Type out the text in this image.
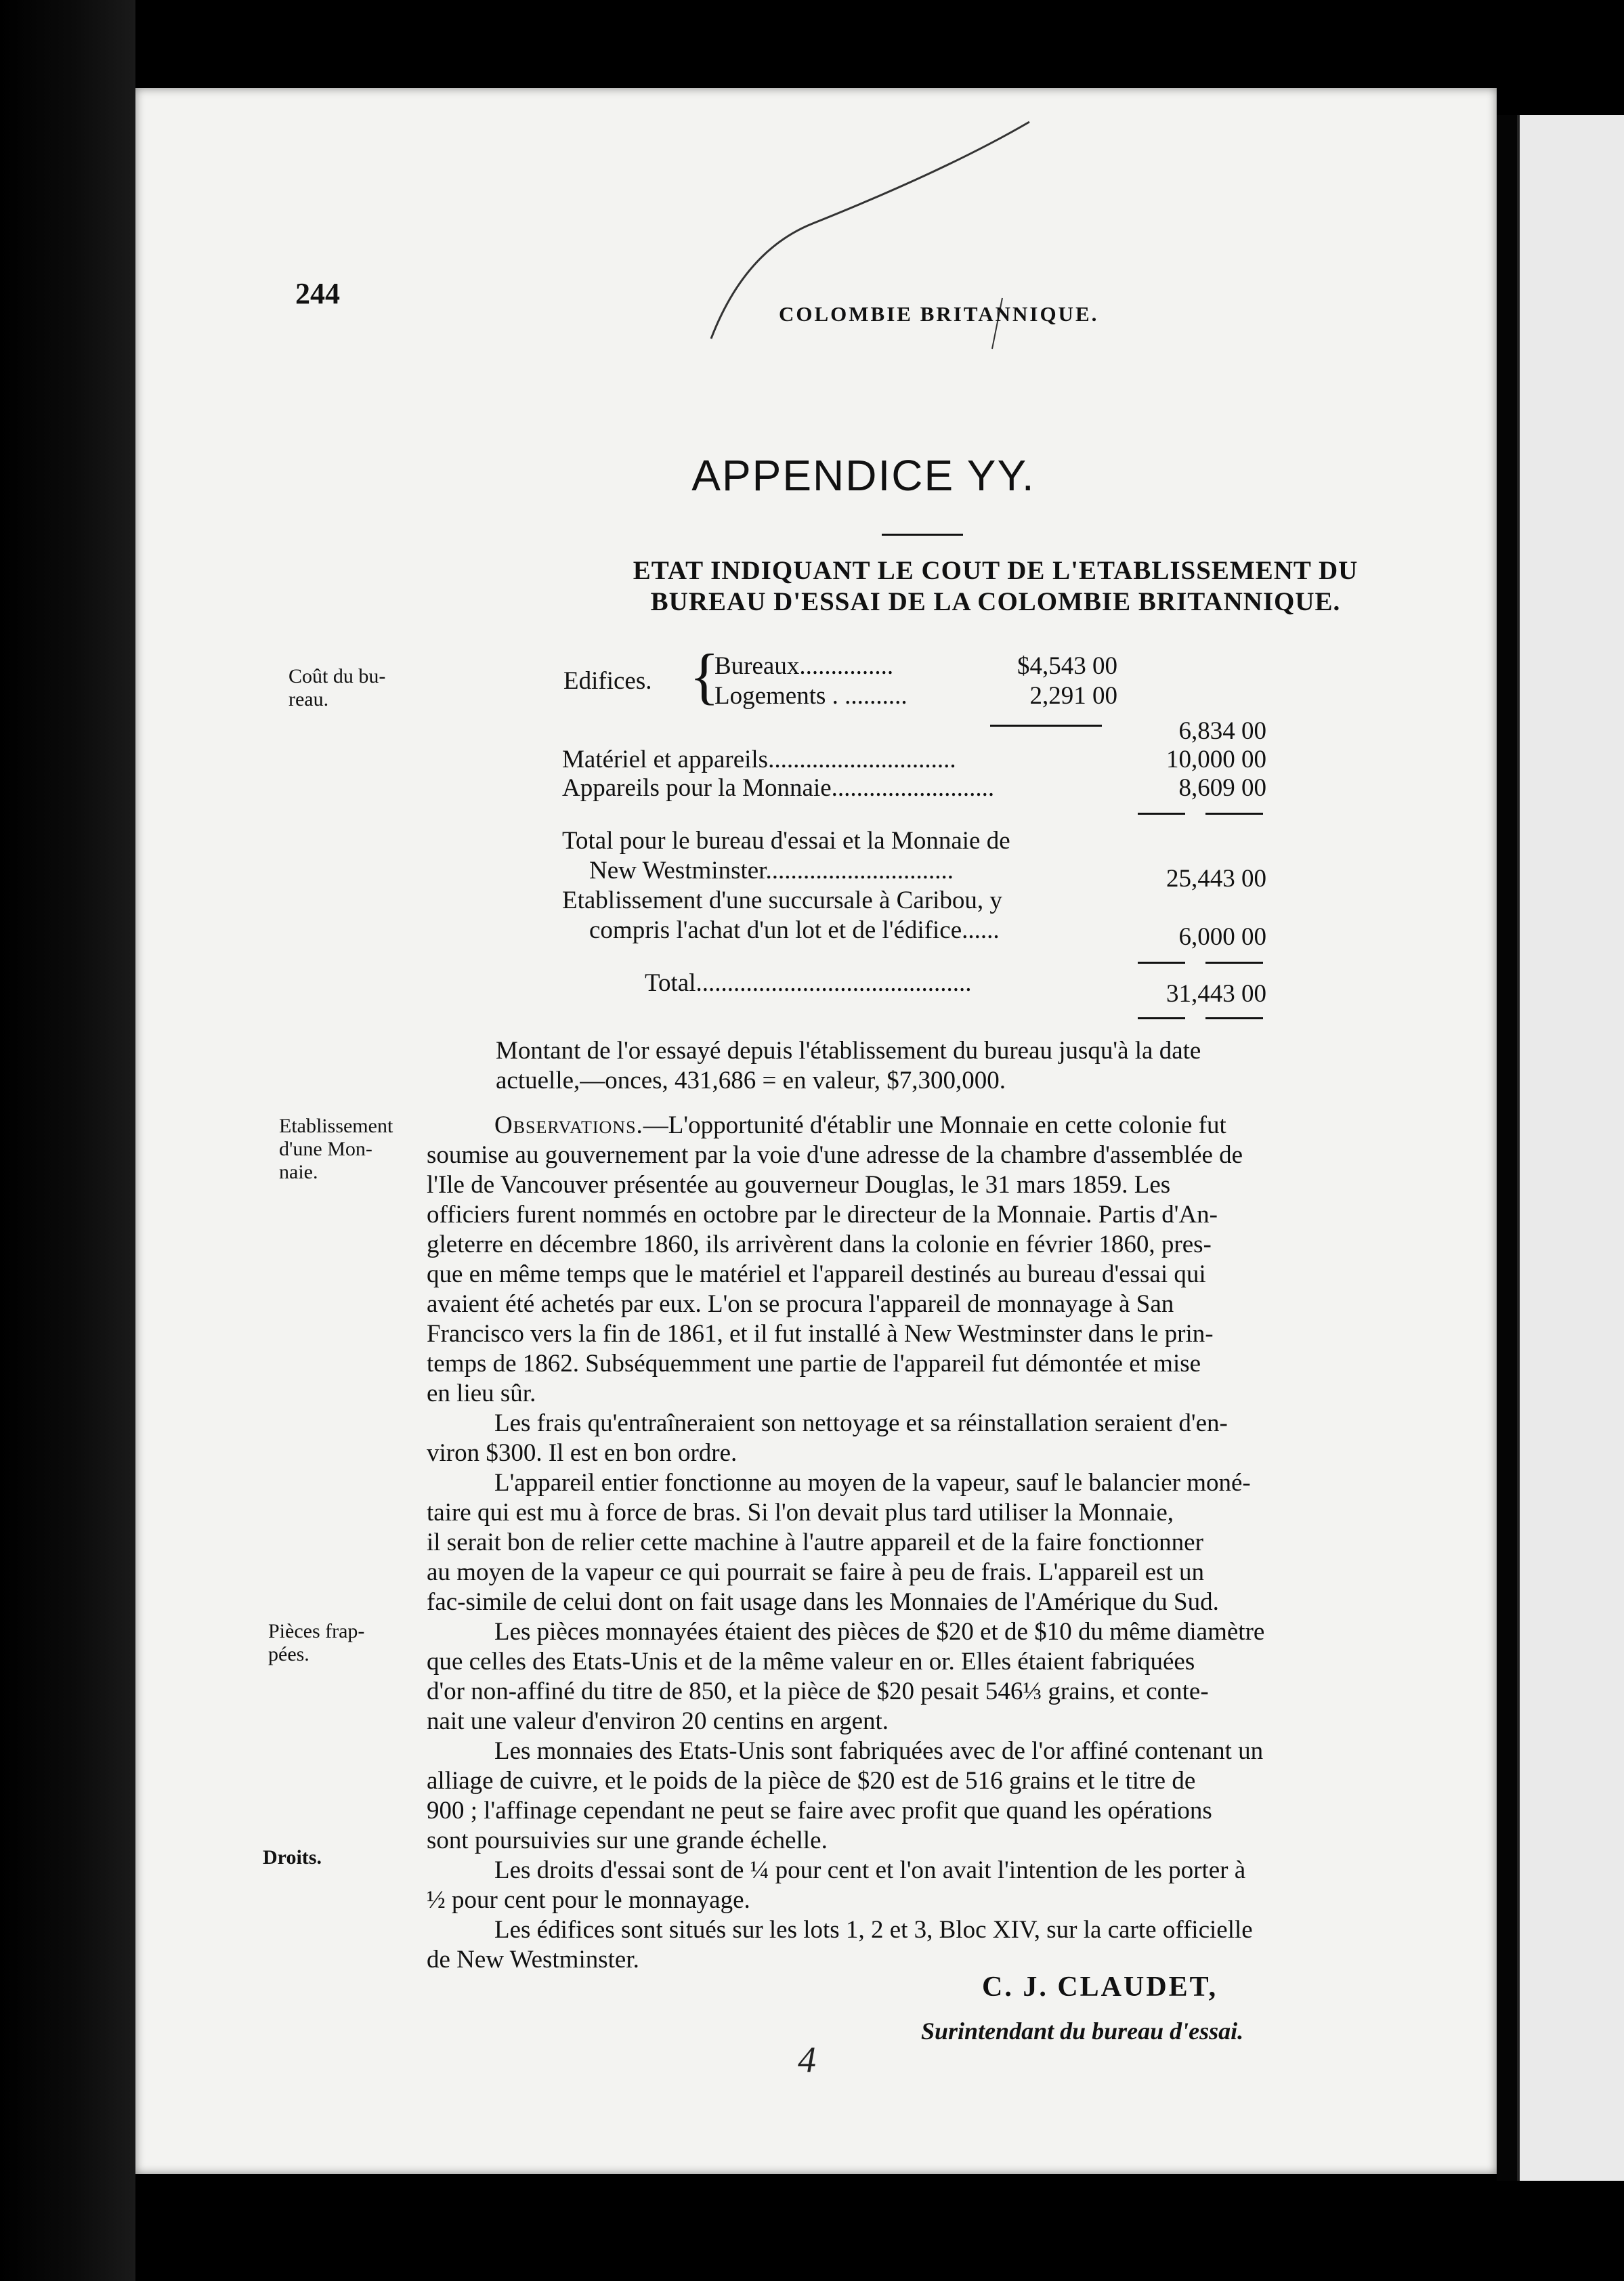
244
COLOMBIE BRITANNIQUE.
APPENDICE YY.
ETAT INDIQUANT LE COUT DE L'ETABLISSEMENT DU
BUREAU D'ESSAI DE LA COLOMBIE BRITANNIQUE.
Coût du bu-
reau.
Edifices. {
Bureaux...............	$4,543 00
Logements . ..........	2,291 00
6,834 00
Matériel et appareils..............................	10,000 00
Appareils pour la Monnaie..........................	8,609 00
Total pour le bureau d'essai et la Monnaie de
New Westminster..............................	25,443 00
Etablissement d'une succursale à Caribou, y
compris l'achat d'un lot et de l'édifice......	6,000 00
Total............................................	31,443 00
Montant de l'or essayé depuis l'établissement du bureau jusqu'à la date
actuelle,—onces, 431,686 = en valeur, $7,300,000.
Etablissement
d'une Mon-
naie.
Observations.—L'opportunité d'établir une Monnaie en cette colonie fut
soumise au gouvernement par la voie d'une adresse de la chambre d'assemblée de
l'Ile de Vancouver présentée au gouverneur Douglas, le 31 mars 1859. Les
officiers furent nommés en octobre par le directeur de la Monnaie. Partis d'An-
gleterre en décembre 1860, ils arrivèrent dans la colonie en février 1860, pres-
que en même temps que le matériel et l'appareil destinés au bureau d'essai qui
avaient été achetés par eux. L'on se procura l'appareil de monnayage à San
Francisco vers la fin de 1861, et il fut installé à New Westminster dans le prin-
temps de 1862. Subséquemment une partie de l'appareil fut démontée et mise
en lieu sûr.
Les frais qu'entraîneraient son nettoyage et sa réinstallation seraient d'en-
viron $300. Il est en bon ordre.
L'appareil entier fonctionne au moyen de la vapeur, sauf le balancier moné-
taire qui est mu à force de bras. Si l'on devait plus tard utiliser la Monnaie,
il serait bon de relier cette machine à l'autre appareil et de la faire fonctionner
au moyen de la vapeur ce qui pourrait se faire à peu de frais. L'appareil est un
fac-simile de celui dont on fait usage dans les Monnaies de l'Amérique du Sud.
Les pièces monnayées étaient des pièces de $20 et de $10 du même diamètre
que celles des Etats-Unis et de la même valeur en or. Elles étaient fabriquées
d'or non-affiné du titre de 850, et la pièce de $20 pesait 546⅓ grains, et conte-
nait une valeur d'environ 20 centins en argent.
Les monnaies des Etats-Unis sont fabriquées avec de l'or affiné contenant un
alliage de cuivre, et le poids de la pièce de $20 est de 516 grains et le titre de
900 ; l'affinage cependant ne peut se faire avec profit que quand les opérations
sont poursuivies sur une grande échelle.
Les droits d'essai sont de ¼ pour cent et l'on avait l'intention de les porter à
½ pour cent pour le monnayage.
Les édifices sont situés sur les lots 1, 2 et 3, Bloc XIV, sur la carte officielle
de New Westminster.
Pièces frap-
pées.
Droits.
C. J. CLAUDET,
Surintendant du bureau d'essai.
4
